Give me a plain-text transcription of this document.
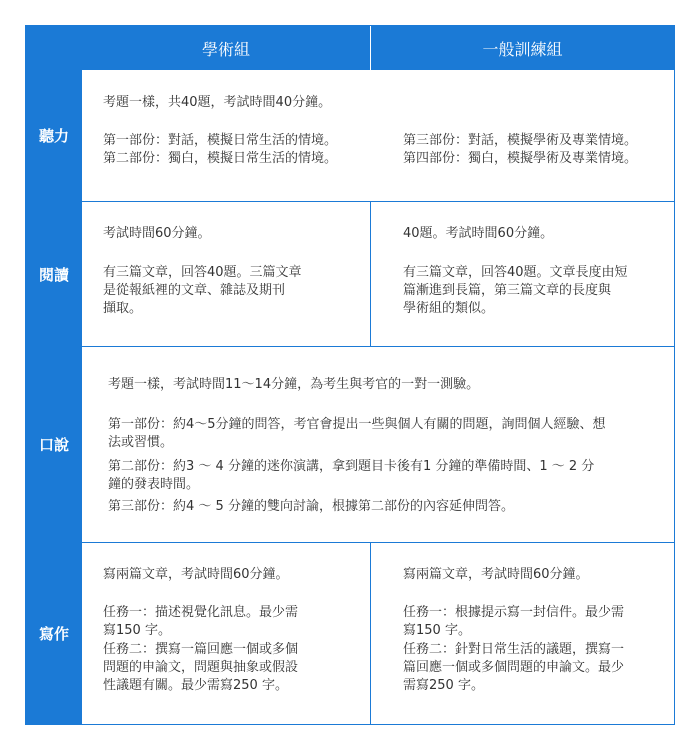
學術組	一般訓練組
聽力
閱讀
口說
寫作
考題一樣，共40題，考試時間40分鐘。
第一部份：對話，模擬日常生活的情境。
第二部份：獨白，模擬日常生活的情境。
第三部份：對話，模擬學術及專業情境。
第四部份：獨白，模擬學術及專業情境。
考試時間60分鐘。
有三篇文章，回答40題。三篇文章
是從報紙裡的文章、雜誌及期刊
擷取。
40題。考試時間60分鐘。
有三篇文章，回答40題。文章長度由短
篇漸進到長篇，第三篇文章的長度與
學術組的類似。
考題一樣，考試時間11～14分鐘，為考生與考官的一對一測驗。
第一部份：約4～5分鐘的問答，考官會提出一些與個人有關的問題，詢問個人經驗、想
法或習慣。
第二部份：約3 ～ 4 分鐘的迷你演講，拿到題目卡後有1 分鐘的準備時間、1 ～ 2 分
鐘的發表時間。
第三部份：約4 ～ 5 分鐘的雙向討論，根據第二部份的內容延伸問答。
寫兩篇文章，考試時間60分鐘。
任務一：描述視覺化訊息。最少需
寫150 字。
任務二：撰寫一篇回應一個或多個
問題的申論文，問題與抽象或假設
性議題有關。最少需寫250 字。
寫兩篇文章，考試時間60分鐘。
任務一：根據提示寫一封信件。最少需
寫150 字。
任務二：針對日常生活的議題，撰寫一
篇回應一個或多個問題的申論文。最少
需寫250 字。
